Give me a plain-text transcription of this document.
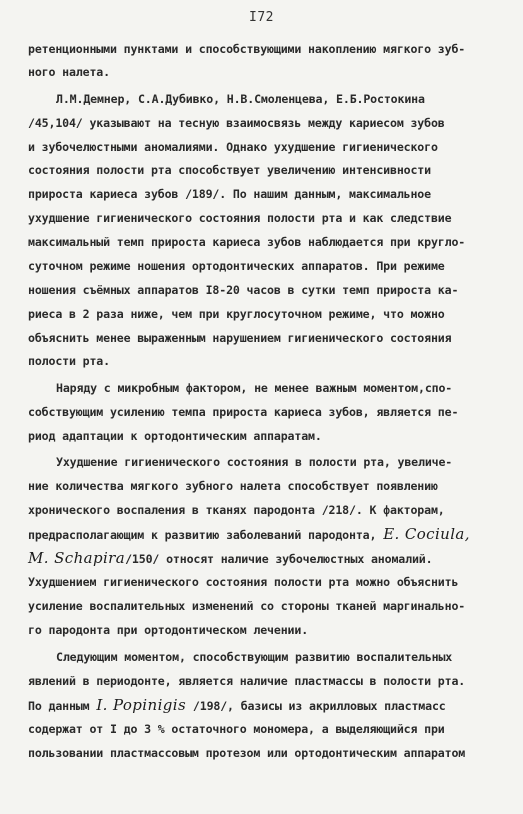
I72
ретенционными пунктами и способствующими накоплению мягкого зуб-
ного налета.
Л.М.Демнер, С.А.Дубивко, Н.В.Смоленцева, Е.Б.Ростокина
/45,104/ указывают на тесную взаимосвязь между кариесом зубов
и зубочелюстными аномалиями. Однако ухудшение гигиенического
состояния полости рта способствует увеличению интенсивности
прироста кариеса зубов /189/. По нашим данным, максимальное
ухудшение гигиенического состояния полости рта и как следствие
максимальный темп прироста кариеса зубов наблюдается при кругло-
суточном режиме ношения ортодонтических аппаратов. При режиме
ношения съёмных аппаратов I8-20 часов в сутки темп прироста ка-
риеса в 2 раза ниже, чем при круглосуточном режиме, что можно
объяснить менее выраженным нарушением гигиенического состояния
полости рта.
Наряду с микробным фактором, не менее важным моментом,спо-
собствующим усилению темпа прироста кариеса зубов, является пе-
риод адаптации к ортодонтическим аппаратам.
Ухудшение гигиенического состояния в полости рта, увеличе-
ние количества мягкого зубного налета способствует появлению
хронического воспаления в тканях пародонта /218/. К факторам,
предрасполагающим к развитию заболеваний пародонта, E. Cociula,
M. Schapira/150/ относят наличие зубочелюстных аномалий.
Ухудшением гигиенического состояния полости рта можно объяснить
усиление воспалительных изменений со стороны тканей маргинально-
го пародонта при ортодонтическом лечении.
Следующим моментом, способствующим развитию воспалительных
явлений в периодонте, является наличие пластмассы в полости рта.
По данным I. Popinigis /198/, базисы из акрилловых пластмасс
содержат от I до 3 % остаточного мономера, а выделяющийся при
пользовании пластмассовым протезом или ортодонтическим аппаратом
